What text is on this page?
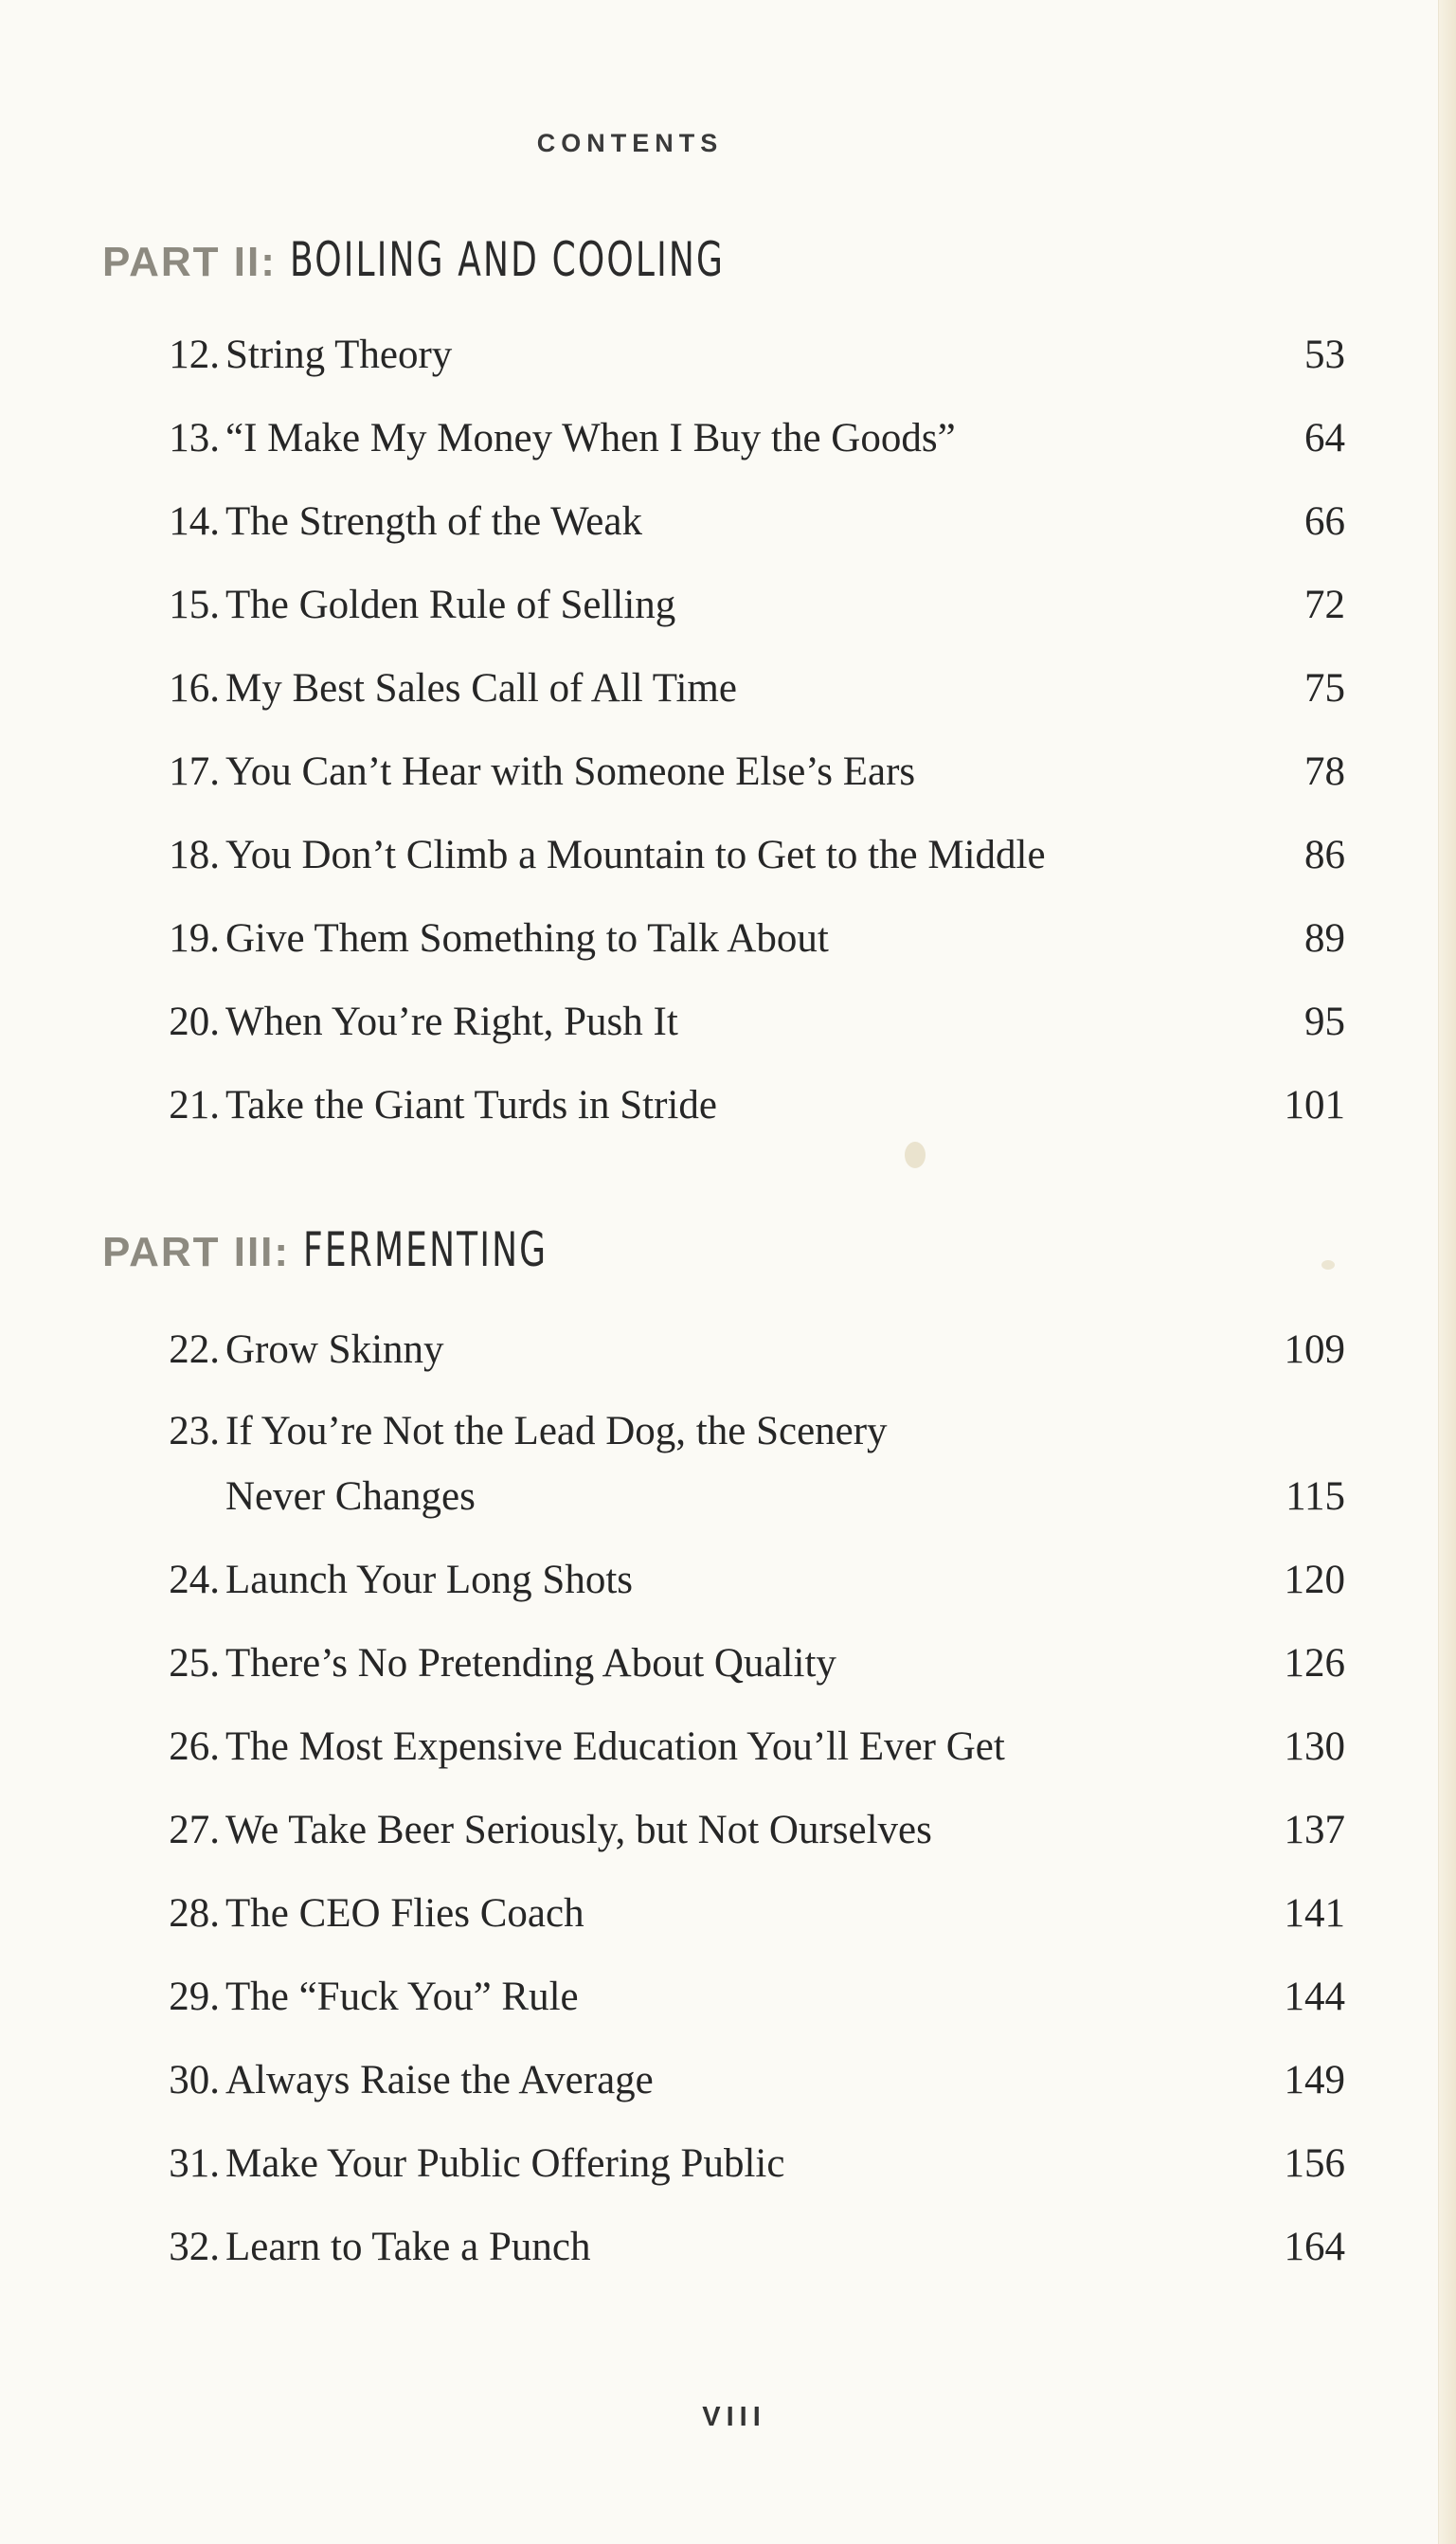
CONTENTS
PART II: BOILING AND COOLING
12. String Theory	53
13. “I Make My Money When I Buy the Goods”	64
14. The Strength of the Weak	66
15. The Golden Rule of Selling	72
16. My Best Sales Call of All Time	75
17. You Can’t Hear with Someone Else’s Ears	78
18. You Don’t Climb a Mountain to Get to the Middle	86
19. Give Them Something to Talk About	89
20. When You’re Right, Push It	95
21. Take the Giant Turds in Stride	101
PART III: FERMENTING
22. Grow Skinny	109
23. If You’re Not the Lead Dog, the Scenery
Never Changes	115
24. Launch Your Long Shots	120
25. There’s No Pretending About Quality	126
26. The Most Expensive Education You’ll Ever Get	130
27. We Take Beer Seriously, but Not Ourselves	137
28. The CEO Flies Coach	141
29. The “Fuck You” Rule	144
30. Always Raise the Average	149
31. Make Your Public Offering Public	156
32. Learn to Take a Punch	164
VIII
